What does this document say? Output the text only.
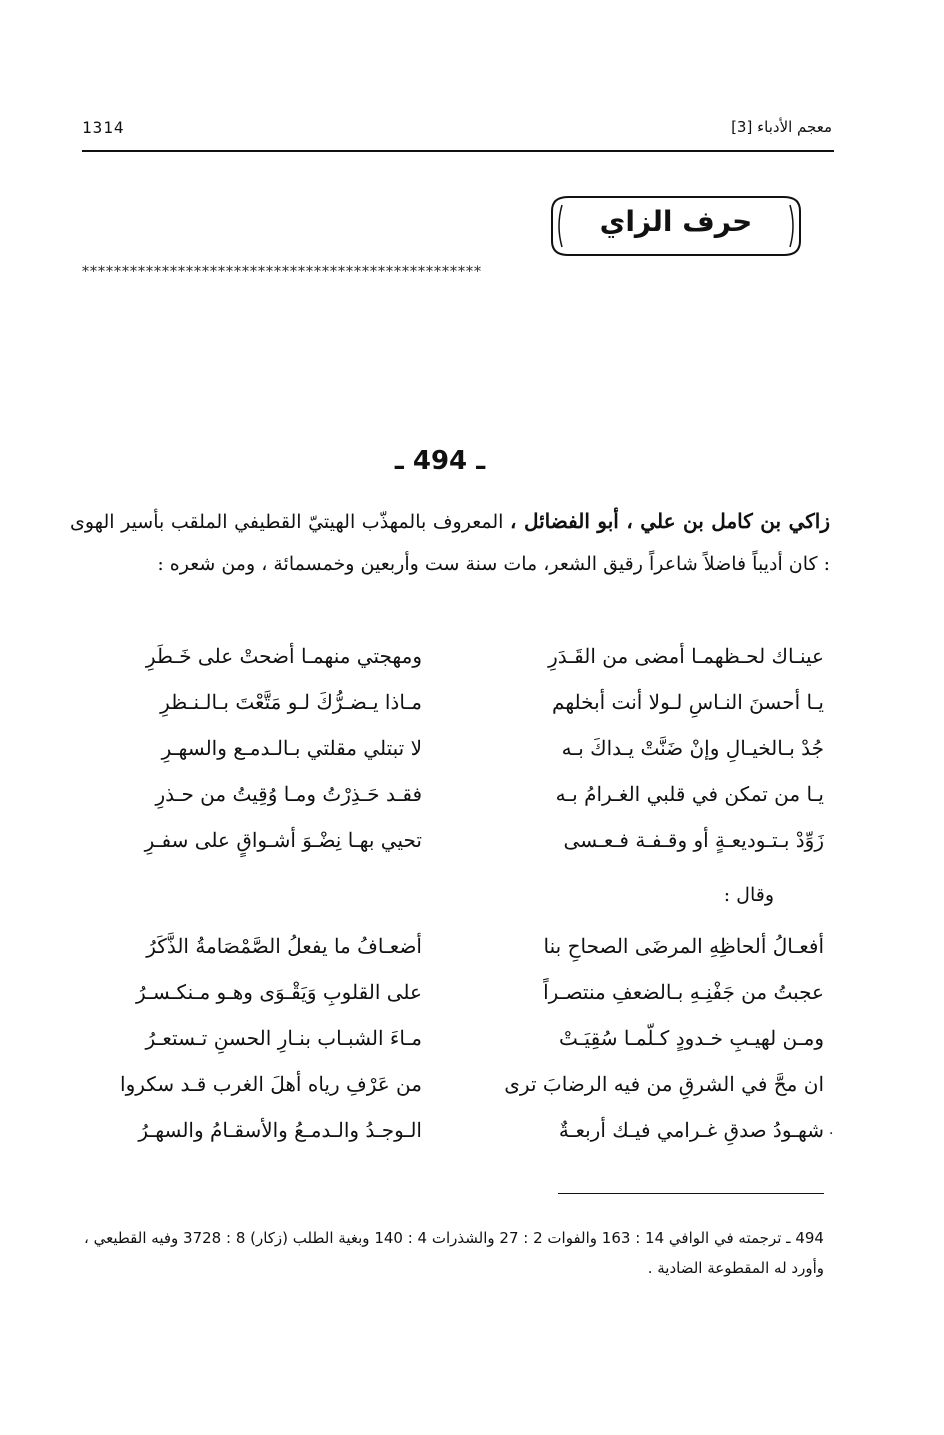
معجم الأدباء [3]
1314
حرف الزاي
**************************************************
ـ 494 ـ
زاكي بن كامل بن علي ، أبو الفضائل ، المعروف بالمهذّب الهيتيّ القطيفي الملقب بأسير الهوى : كان أديباً فاضلاً شاعراً رقيق الشعر، مات سنة ست وأربعين وخمسمائة ، ومن شعره :
عينـاك لحـظهمـا أمضى من القَـدَرِ
ومهجتي منهمـا أضحتْ على خَـطَرِ
يـا أحسنَ النـاسِ لـولا أنت أبخلهم
مـاذا يـضـرُّكَ لـو مَتَّعْتَ بـالـنـظرِ
جُدْ بـالخيـالِ وإنْ ضَنَّتْ يـداكَ بـه
لا تبتلي مقلتي بـالـدمـع والسهـرِ
يـا من تمكن في قلبي الغـرامُ بـه
فقـد حَـذِرْتُ ومـا وُقِيتُ من حـذرِ
زَوِّدْ بـتـوديعـةٍ أو وقـفـة فـعـسى
تحيي بهـا نِضْـوَ أشـواقٍ على سفـرِ
وقال :
أفعـالُ ألحاظِهِ المرضَى الصحاحِ بنا
أضعـافُ ما يفعلُ الصَّمْصَامةُ الذَّكَرُ
عجبتُ من جَفْنِـهِ بـالضعفِ منتصـراً
على القلوبِ وَيَقْـوَى وهـو مـنكـسـرُ
ومـن لهيـبِ خـدودٍ كـلّمـا سُقِيَـتْ
مـاءَ الشبـاب بنـارِ الحسنِ تـستعـرُ
ان محَّ في الشرقِ من فيه الرضابَ ترى
من عَرْفِ رياه أهلَ الغرب قـد سكروا
شهـودُ صدقِ غـرامي فيـك أربعـةٌ
الـوجـدُ والـدمـعُ والأسقـامُ والسهـرُ	·
494 ـ ترجمته في الوافي 14 : 163 والفوات 2 : 27 والشذرات 4 : 140 وبغية الطلب (زكار) 8 : 3728 وفيه القطيعي ، وأورد له المقطوعة الضادية .
